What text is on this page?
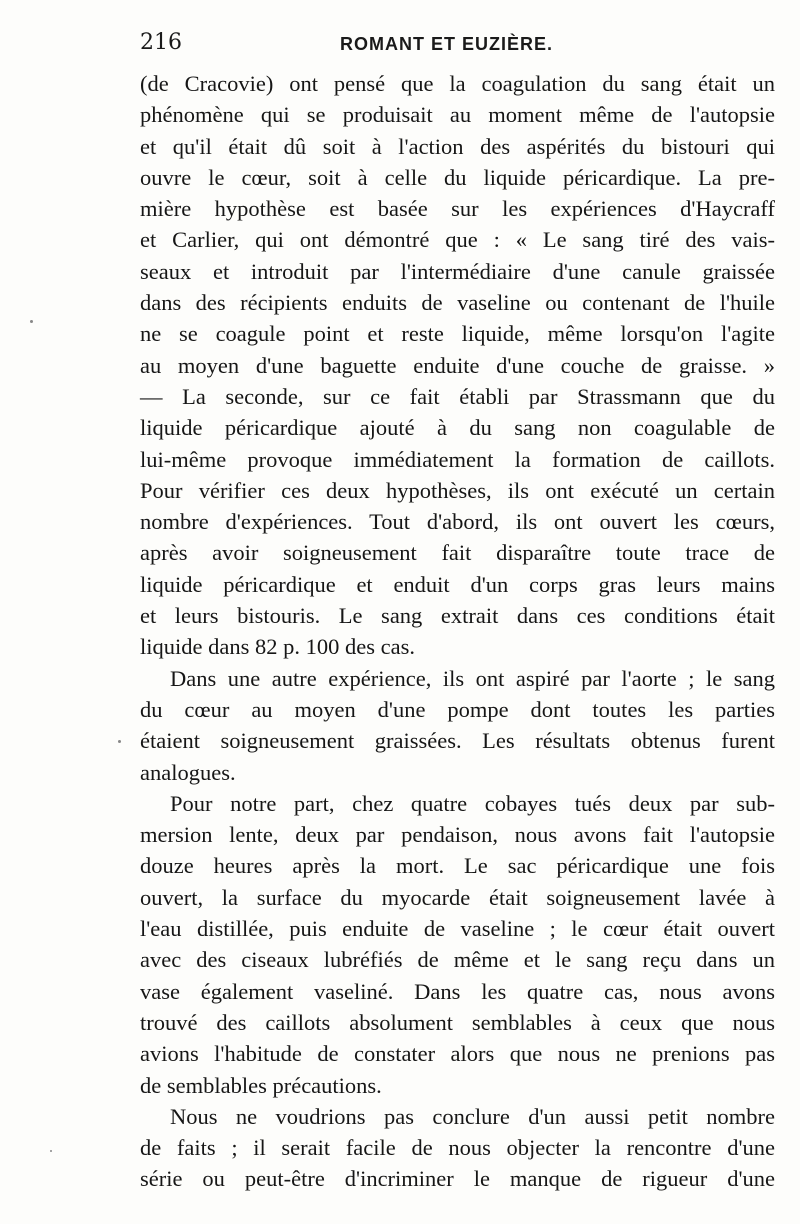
216	ROMANT ET EUZIÈRE.

(de Cracovie) ont pensé que la coagulation du sang était un
phénomène qui se produisait au moment même de l'autopsie
et qu'il était dû soit à l'action des aspérités du bistouri qui
ouvre le cœur, soit à celle du liquide péricardique. La pre-
mière hypothèse est basée sur les expériences d'Haycraff
et Carlier, qui ont démontré que : « Le sang tiré des vais-
seaux et introduit par l'intermédiaire d'une canule graissée
dans des récipients enduits de vaseline ou contenant de l'huile
ne se coagule point et reste liquide, même lorsqu'on l'agite
au moyen d'une baguette enduite d'une couche de graisse. »
— La seconde, sur ce fait établi par Strassmann que du
liquide péricardique ajouté à du sang non coagulable de
lui-même provoque immédiatement la formation de caillots.
Pour vérifier ces deux hypothèses, ils ont exécuté un certain
nombre d'expériences. Tout d'abord, ils ont ouvert les cœurs,
après avoir soigneusement fait disparaître toute trace de
liquide péricardique et enduit d'un corps gras leurs mains
et leurs bistouris. Le sang extrait dans ces conditions était
liquide dans 82 p. 100 des cas.

Dans une autre expérience, ils ont aspiré par l'aorte ; le sang
du cœur au moyen d'une pompe dont toutes les parties
étaient soigneusement graissées. Les résultats obtenus furent
analogues.

Pour notre part, chez quatre cobayes tués deux par sub-
mersion lente, deux par pendaison, nous avons fait l'autopsie
douze heures après la mort. Le sac péricardique une fois
ouvert, la surface du myocarde était soigneusement lavée à
l'eau distillée, puis enduite de vaseline ; le cœur était ouvert
avec des ciseaux lubréfiés de même et le sang reçu dans un
vase également vaseliné. Dans les quatre cas, nous avons
trouvé des caillots absolument semblables à ceux que nous
avions l'habitude de constater alors que nous ne prenions pas
de semblables précautions.

Nous ne voudrions pas conclure d'un aussi petit nombre
de faits ; il serait facile de nous objecter la rencontre d'une
série ou peut-être d'incriminer le manque de rigueur d'une
